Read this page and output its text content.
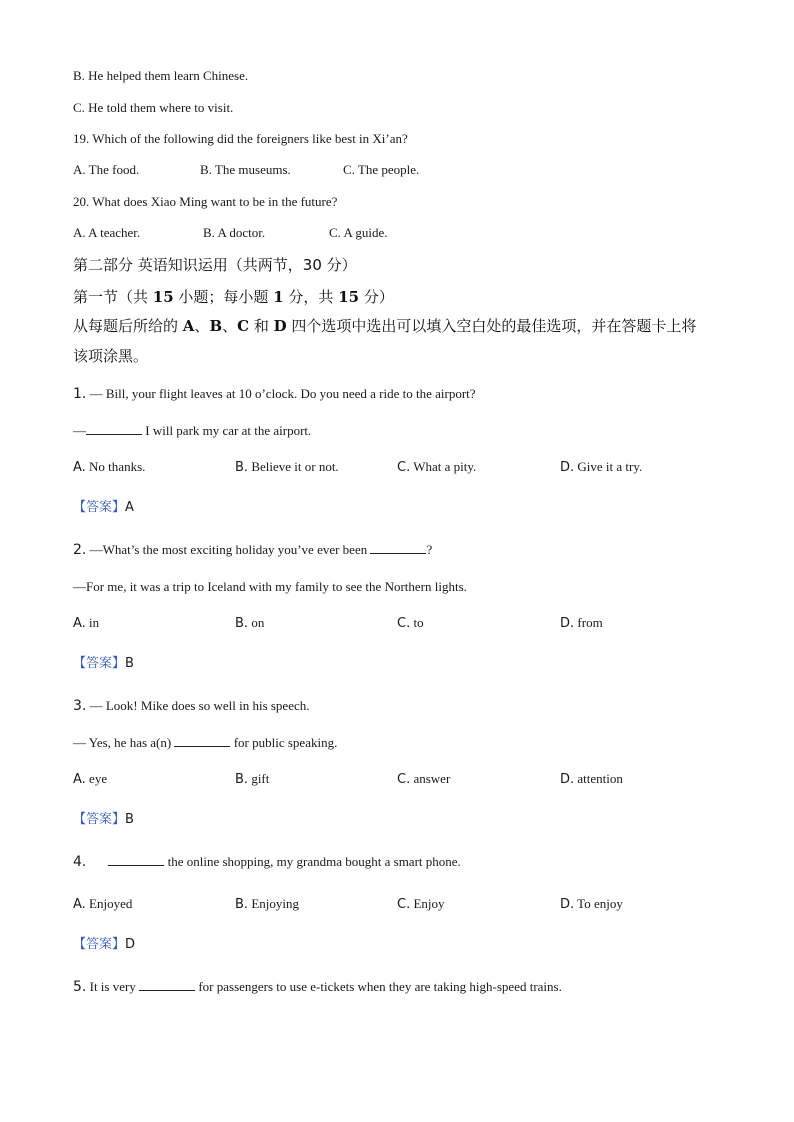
B. He helped them learn Chinese.
C. He told them where to visit.
19. Which of the following did the foreigners like best in Xi’an?
A. The food.	B. The museums.	C. The people.
20. What does Xiao Ming want to be in the future?
A. A teacher.	B. A doctor.	C. A guide.
第二部分 英语知识运用（共两节，30 分）
第一节（共 15 小题；每小题 1 分，共 15 分）
从每题后所给的 A、B、C 和 D 四个选项中选出可以填入空白处的最佳选项，并在答题卡上将
该项涂黑。
1. — Bill, your flight leaves at 10 o’clock. Do you need a ride to the airport?
—	I will park my car at the airport.
A. No thanks.	B. Believe it or not.	C. What a pity.	D. Give it a try.
【答案】A
2. —What’s the most exciting holiday you’ve ever been	?
—For me, it was a trip to Iceland with my family to see the Northern lights.
A. in	B. on	C. to	D. from
【答案】B
3. — Look! Mike does so well in his speech.
— Yes, he has a(n)	for public speaking.
A. eye	B. gift	C. answer	D. attention
【答案】B
4.	the online shopping, my grandma bought a smart phone.
A. Enjoyed	B. Enjoying	C. Enjoy	D. To enjoy
【答案】D
5. It is very	for passengers to use e-tickets when they are taking high-speed trains.
